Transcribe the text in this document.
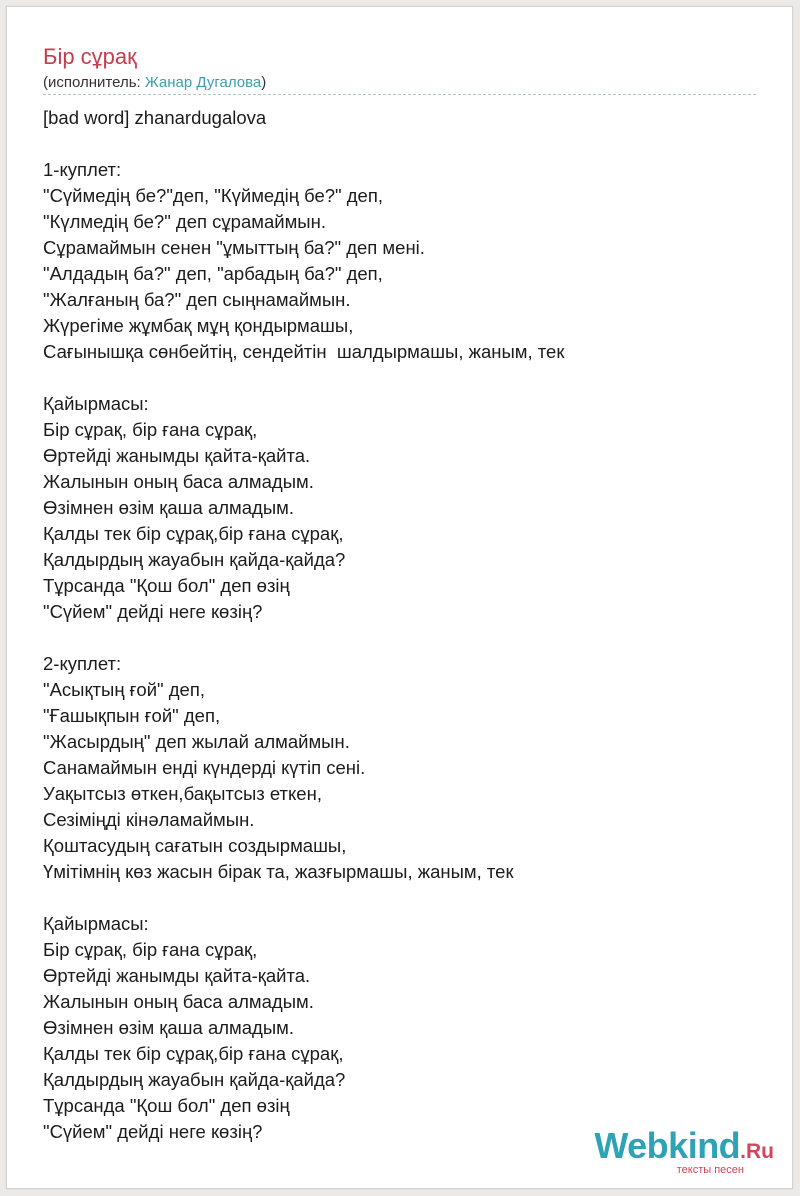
Бір сұрақ
(исполнитель: Жанар Дугалова)
[bad word] zhanardugalova

1-куплет:
"Сүймедің бе?"деп, "Күймедің бе?" деп,
"Күлмедің бе?" деп сұрамаймын.
Сұрамаймын сенен "ұмыттың ба?" деп мені.
"Алдадың ба?" деп, "арбадың ба?" деп,
"Жалғаның ба?" деп сыңнамаймын.
Жүрегіме жұмбақ мұң қондырмашы,
Сағынышқа сөнбейтің, сендейтін  шалдырмашы, жаным, тек

Қайырмасы:
Бір сұрақ, бір ғана сұрақ,
Өртейді жанымды қайта-қайта.
Жалынын оның баса алмадым.
Өзімнен өзім қаша алмадым.
Қалды тек бір сұрақ,бір ғана сұрақ,
Қалдырдың жауабын қайда-қайда?
Тұрсанда "Қош бол" деп өзің
"Сүйем" дейді неге көзің?

2-куплет:
"Асықтың ғой" деп,
"Ғашықпын ғой" деп,
"Жасырдың" деп жылай алмаймын.
Санамаймын енді күндерді күтіп сені.
Уақытсыз өткен,бақытсыз еткен,
Сезіміңді кінәламаймын.
Қоштасудың сағатын создырмашы,
Үмітімнің көз жасын бірак та, жазғырмашы, жаным, тек

Қайырмасы:
Бір сұрақ, бір ғана сұрақ,
Өртейді жанымды қайта-қайта.
Жалынын оның баса алмадым.
Өзімнен өзім қаша алмадым.
Қалды тек бір сұрақ,бір ғана сұрақ,
Қалдырдың жауабын қайда-қайда?
Тұрсанда "Қош бол" деп өзің
"Сүйем" дейді неге көзің?	Webkind.Ru
тексты песен
